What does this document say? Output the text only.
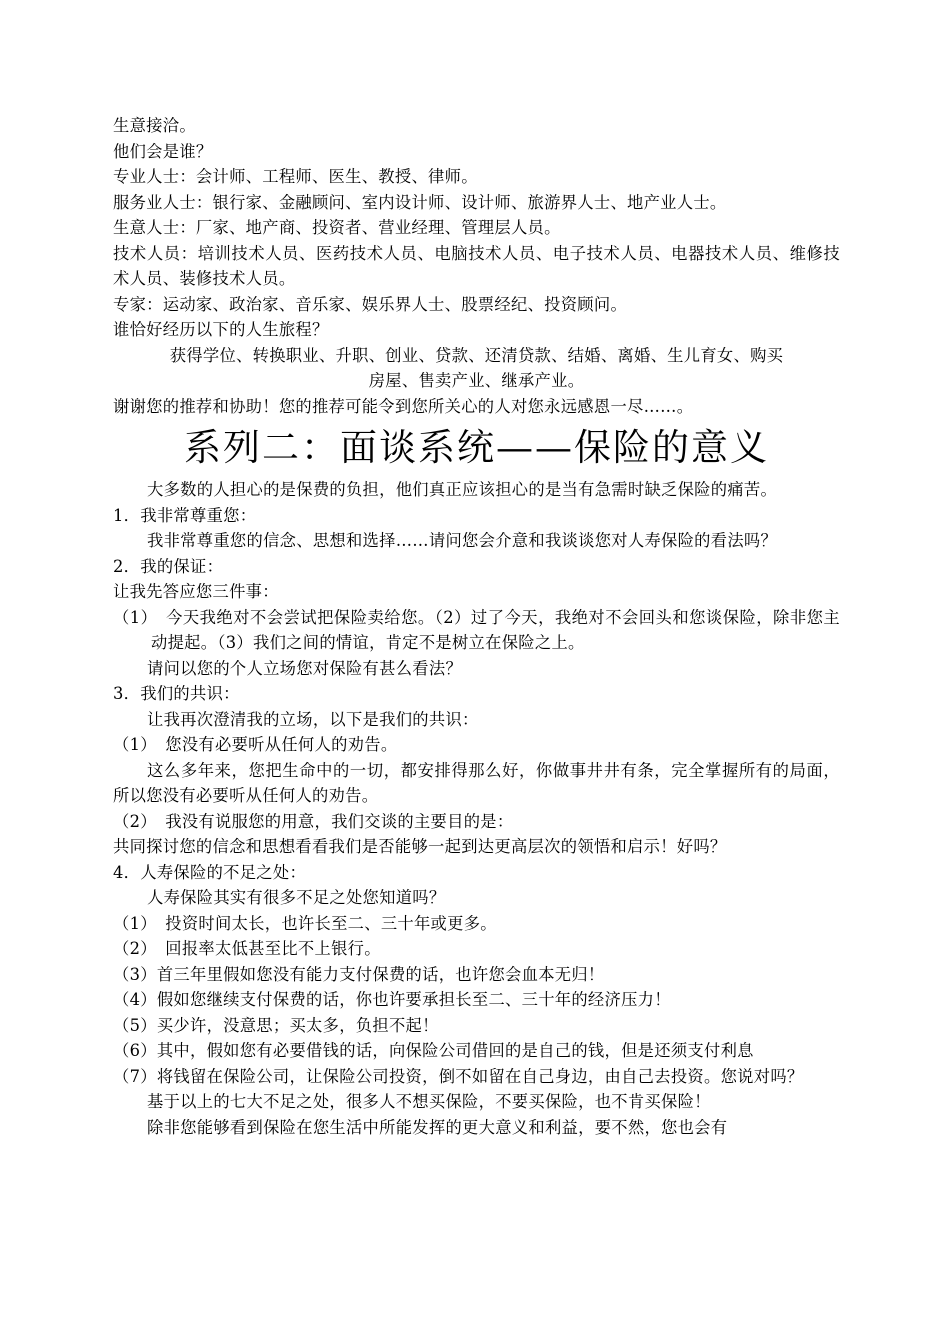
生意接洽。
他们会是谁？
专业人士：会计师、工程师、医生、教授、律师。
服务业人士：银行家、金融顾问、室内设计师、设计师、旅游界人士、地产业人士。
生意人士：厂家、地产商、投资者、营业经理、管理层人员。
技术人员：培训技术人员、医药技术人员、电脑技术人员、电子技术人员、电器技术人员、维修技术人员、装修技术人员。
专家：运动家、政治家、音乐家、娱乐界人士、股票经纪、投资顾问。
谁恰好经历以下的人生旅程？
获得学位、转换职业、升职、创业、贷款、还清贷款、结婚、离婚、生儿育女、购买
房屋、售卖产业、继承产业。
谢谢您的推荐和协助！您的推荐可能令到您所关心的人对您永远感恩一尽……。
系列二：面谈系统——保险的意义
大多数的人担心的是保费的负担，他们真正应该担心的是当有急需时缺乏保险的痛苦。
1．我非常尊重您：
我非常尊重您的信念、思想和选择……请问您会介意和我谈谈您对人寿保险的看法吗？
2．我的保证：
让我先答应您三件事：
（1）　今天我绝对不会尝试把保险卖给您。（2）过了今天，我绝对不会回头和您谈保险，除非您主动提起。（3）我们之间的情谊，肯定不是树立在保险之上。
请问以您的个人立场您对保险有甚么看法？
3．我们的共识：
让我再次澄清我的立场，以下是我们的共识：
（1）　您没有必要听从任何人的劝告。
这么多年来，您把生命中的一切，都安排得那么好，你做事井井有条，完全掌握所有的局面，所以您没有必要听从任何人的劝告。
（2）　我没有说服您的用意，我们交谈的主要目的是：
共同探讨您的信念和思想看看我们是否能够一起到达更高层次的领悟和启示！好吗？
4．人寿保险的不足之处：
人寿保险其实有很多不足之处您知道吗？
（1）　投资时间太长，也许长至二、三十年或更多。
（2）　回报率太低甚至比不上银行。
（3）首三年里假如您没有能力支付保费的话，也许您会血本无归！
（4）假如您继续支付保费的话，你也许要承担长至二、三十年的经济压力！
（5）买少许，没意思；买太多，负担不起！
（6）其中，假如您有必要借钱的话，向保险公司借回的是自己的钱，但是还须支付利息
（7）将钱留在保险公司，让保险公司投资，倒不如留在自己身边，由自己去投资。您说对吗？
基于以上的七大不足之处，很多人不想买保险，不要买保险，也不肯买保险！
除非您能够看到保险在您生活中所能发挥的更大意义和利益，要不然，您也会有
